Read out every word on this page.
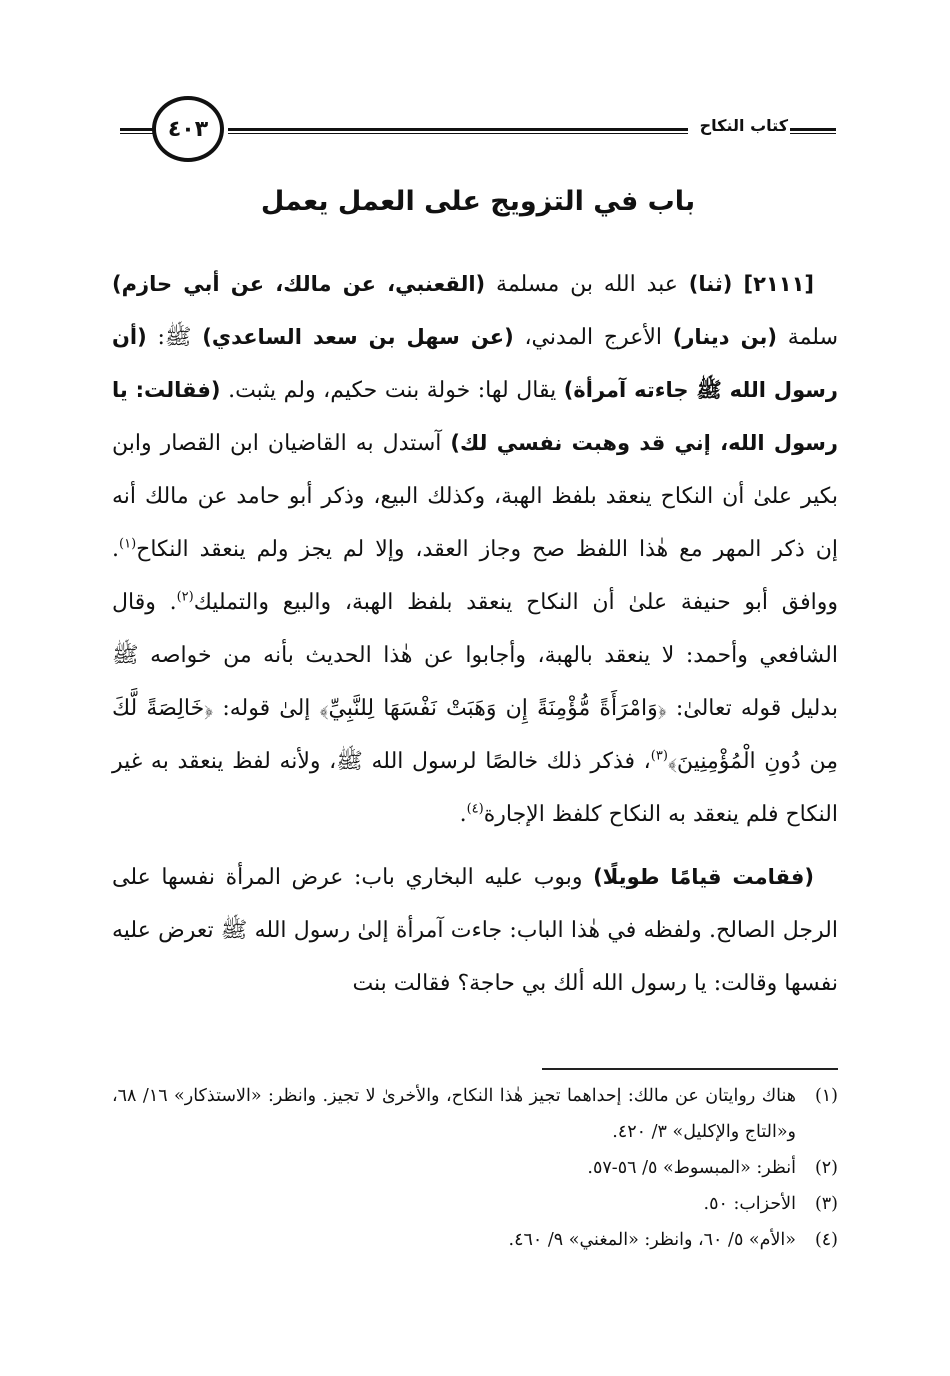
كتاب النكاح
٤٠٣
باب في التزويج على العمل يعمل

[٢١١١] (ثنا) عبد الله بن مسلمة (القعنبي، عن مالك، عن أبي حازم) سلمة (بن دينار) الأعرج المدني، (عن سهل بن سعد الساعدي) ﷺ: (أن رسول الله ﷺ جاءته آمرأة) يقال لها: خولة بنت حكيم، ولم يثبت. (فقالت: يا رسول الله، إني قد وهبت نفسي لك) آستدل به القاضيان ابن القصار وابن بكير علىٰ أن النكاح ينعقد بلفظ الهبة، وكذلك البيع، وذكر أبو حامد عن مالك أنه إن ذكر المهر مع هٰذا اللفظ صح وجاز العقد، وإلا لم يجز ولم ينعقد النكاح$^{(١)}$. ووافق أبو حنيفة علىٰ أن النكاح ينعقد بلفظ الهبة، والبيع والتمليك$^{(٢)}$. وقال الشافعي وأحمد: لا ينعقد بالهبة، وأجابوا عن هٰذا الحديث بأنه من خواصه ﷺ بدليل قوله تعالىٰ: ﴿وَامْرَأَةً مُّؤْمِنَةً إِن وَهَبَتْ نَفْسَهَا لِلنَّبِيِّ﴾ إلىٰ قوله: ﴿خَالِصَةً لَّكَ مِن دُونِ الْمُؤْمِنِينَ﴾$^{(٣)}$، فذكر ذلك خالصًا لرسول الله ﷺ، ولأنه لفظ ينعقد به غير النكاح فلم ينعقد به النكاح كلفظ الإجارة$^{(٤)}$.

(فقامت قيامًا طويلًا) وبوب عليه البخاري باب: عرض المرأة نفسها على الرجل الصالح. ولفظه في هٰذا الباب: جاءت آمرأة إلىٰ رسول الله ﷺ تعرض عليه نفسها وقالت: يا رسول الله ألك بي حاجة؟ فقالت بنت

(١)
هناك روايتان عن مالك: إحداهما تجيز هٰذا النكاح، والأخرىٰ لا تجيز. وانظر: «الاستذكار» ١٦/ ٦٨، و«التاج والإكليل» ٣/ ٤٢٠.
(٢)
أنظر: «المبسوط» ٥/ ٥٦-٥٧.
(٣)
الأحزاب: ٥٠.
(٤)
«الأم» ٥/ ٦٠، وانظر: «المغني» ٩/ ٤٦٠.
